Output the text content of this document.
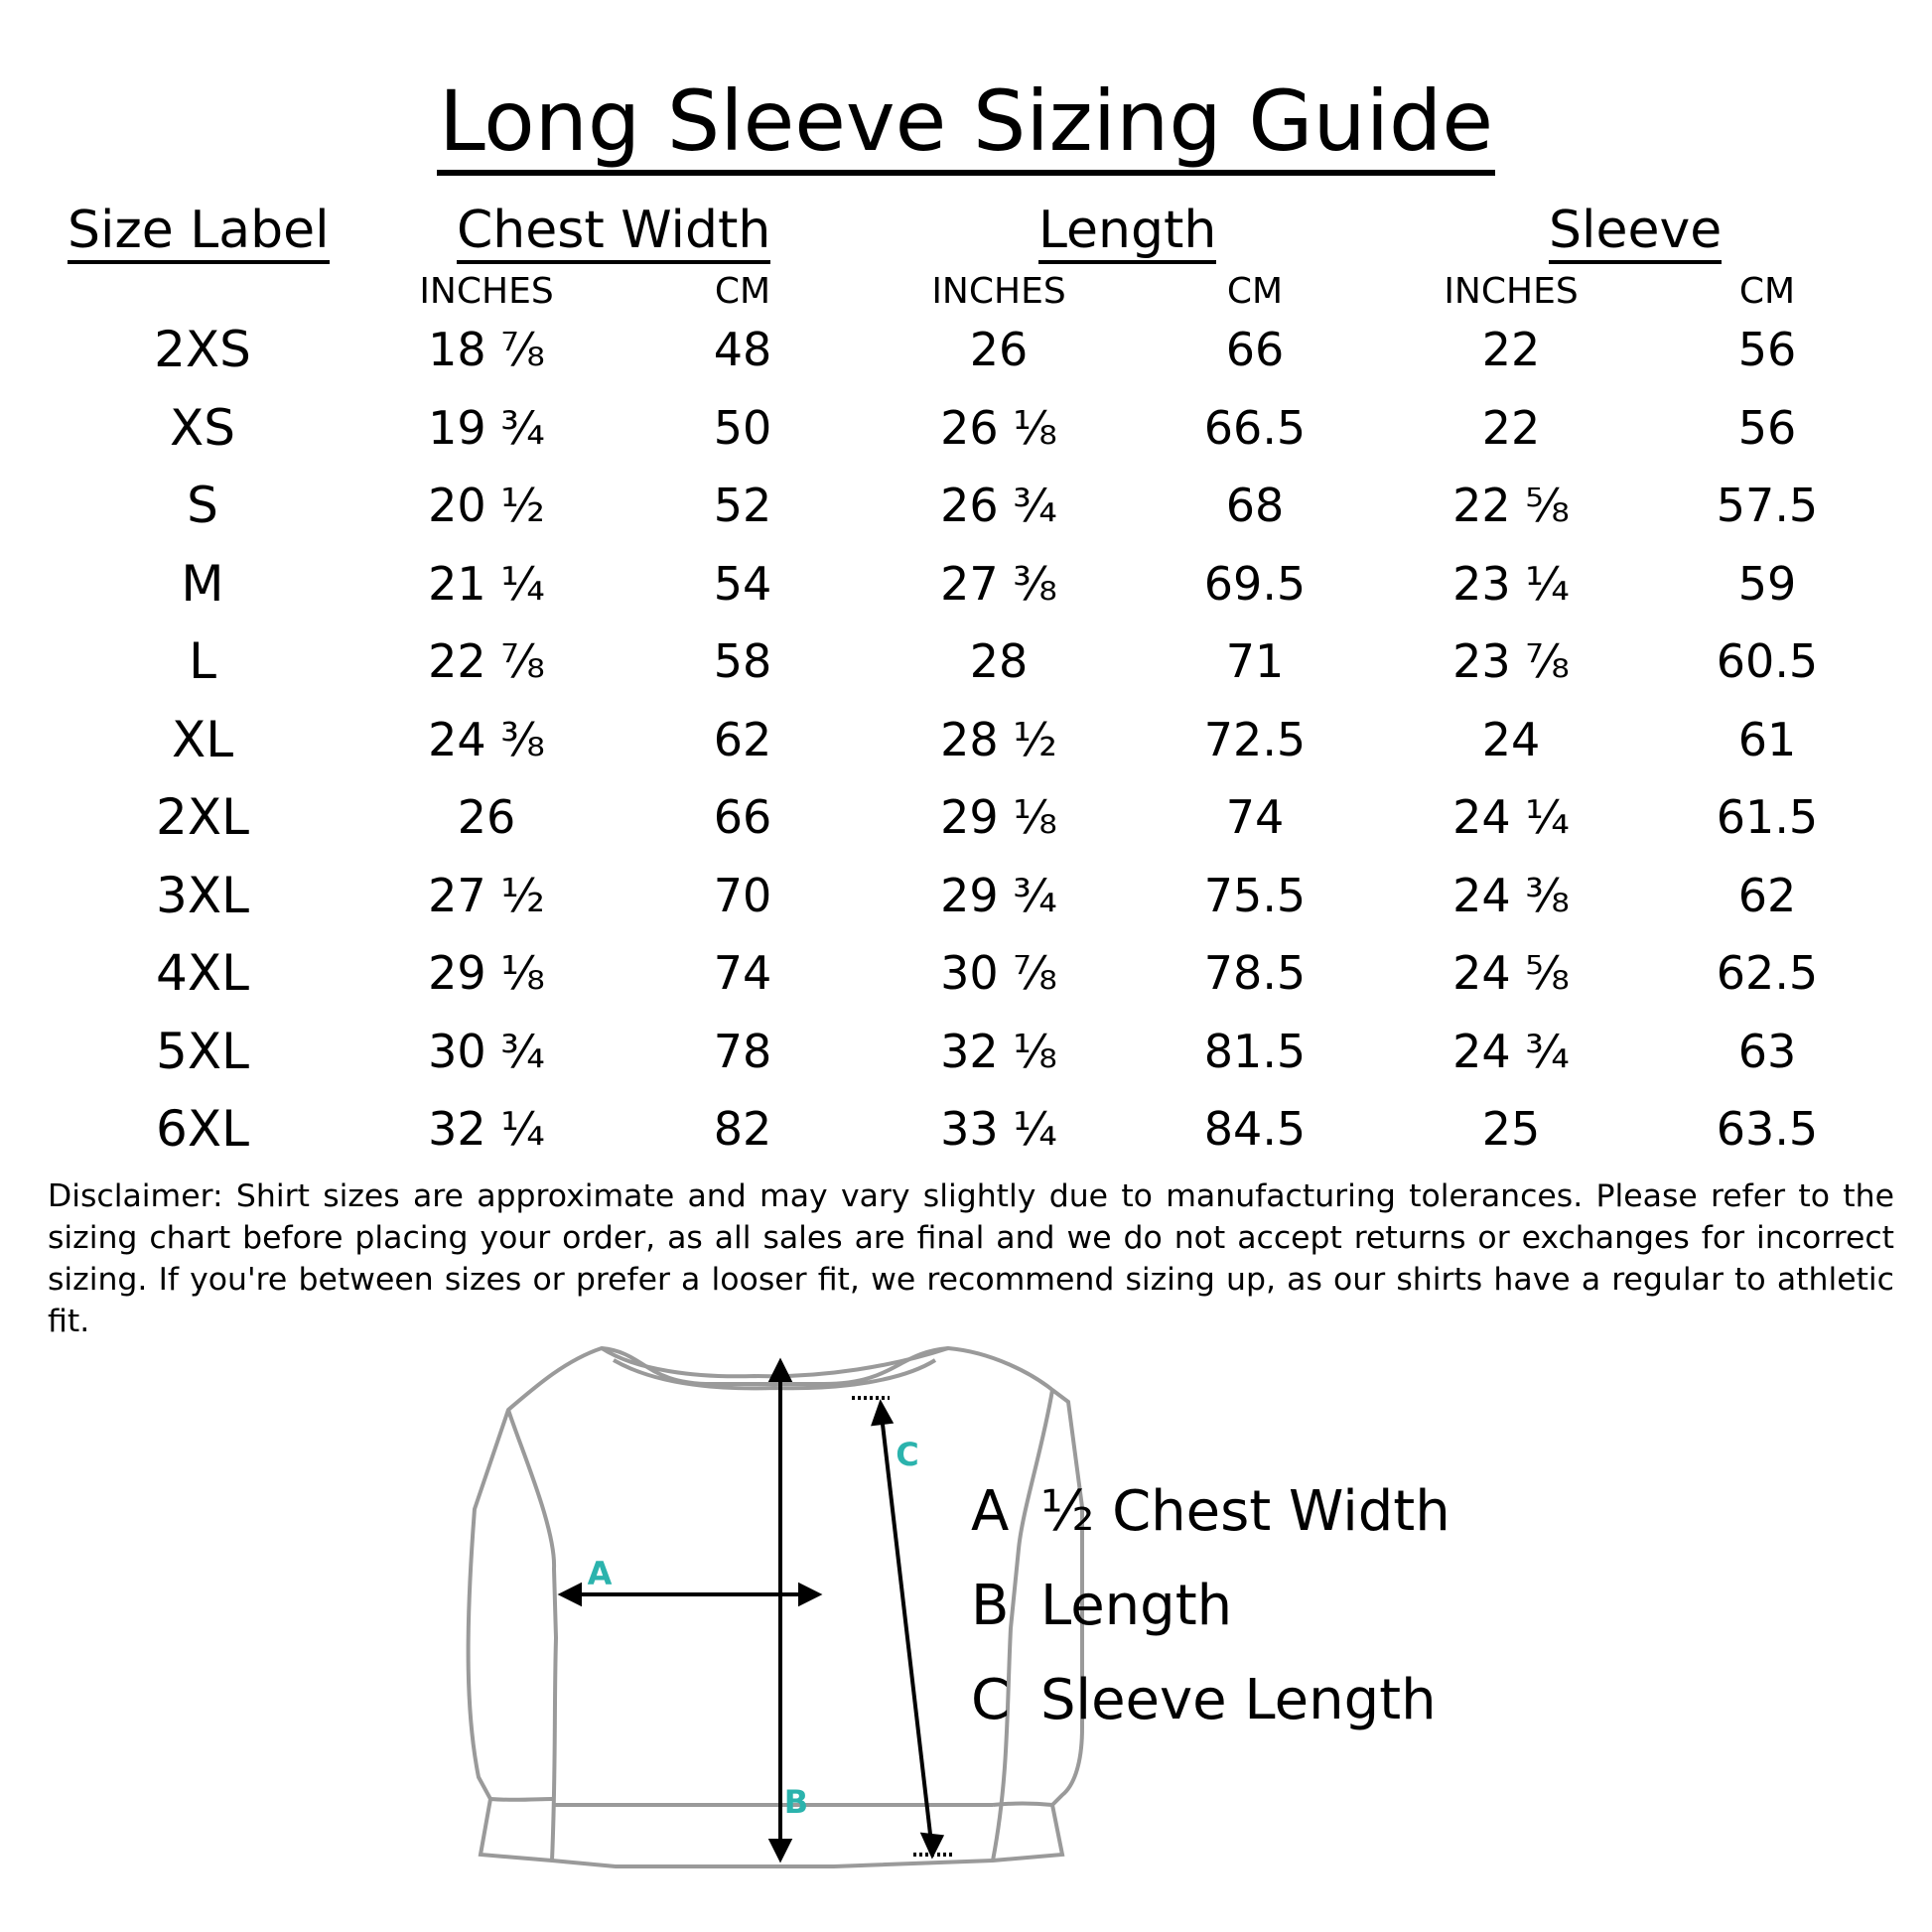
Long Sleeve Sizing Guide
Size Label Chest Width	Length	Sleeve
INCHES	CM	INCHES	CM	INCHES	CM
2XS	18 ⅞	48	26	66	22	56
XS	19 ¾	50	26 ⅛	66.5	22	56
S	20 ½	52	26 ¾	68	22 ⅝	57.5
M	21 ¼	54	27 ⅜	69.5	23 ¼	59
L	22 ⅞	58	28	71	23 ⅞	60.5
XL	24 ⅜	62	28 ½	72.5	24	61
2XL	26	66	29 ⅛	74	24 ¼	61.5
3XL	27 ½	70	29 ¾	75.5	24 ⅜	62
4XL	29 ⅛	74	30 ⅞	78.5	24 ⅝	62.5
5XL	30 ¾	78	32 ⅛	81.5	24 ¾	63
6XL	32 ¼	82	33 ¼	84.5	25	63.5
Disclaimer: Shirt sizes are approximate and may vary slightly due to manufacturing tolerances. Please refer to the sizing chart before placing your order, as all sales are final and we do not accept returns or exchanges for incorrect sizing. If you're between sizes or prefer a looser fit, we recommend sizing up, as our shirts have a regular to athletic fit.
A
B
C
A ½ Chest Width
B Length
C Sleeve Length
